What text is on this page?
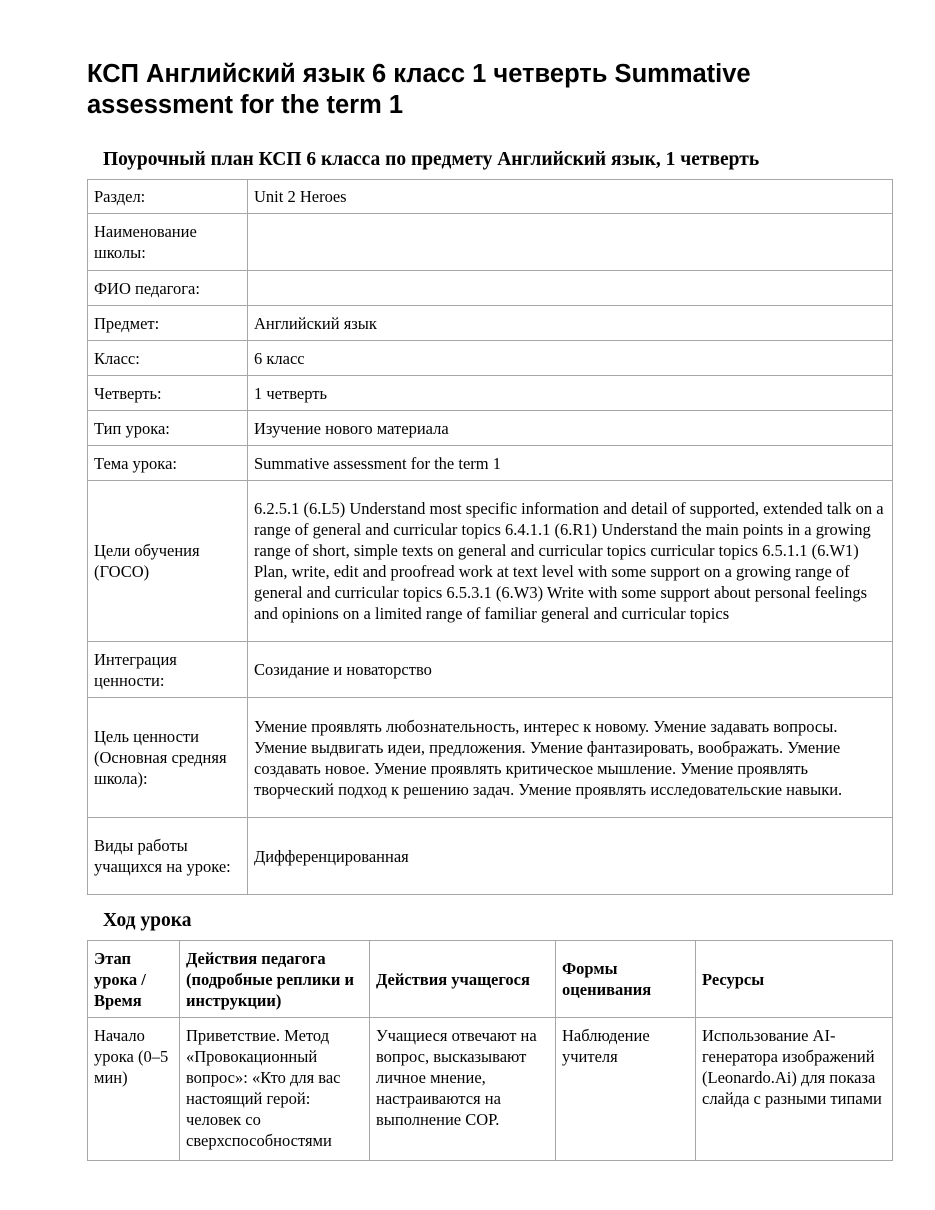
КСП Английский язык 6 класс 1 четверть Summative assessment for the term 1
Поурочный план КСП 6 класса по предмету Английский язык, 1 четверть
Раздел:	Unit 2 Heroes
Наименование школы:	
ФИО педагога:	
Предмет:	Английский язык
Класс:	6 класс
Четверть:	1 четверть
Тип урока:	Изучение нового материала
Тема урока:	Summative assessment for the term 1
Цели обучения (ГОСО)	6.2.5.1 (6.L5) Understand most specific information and detail of supported, extended talk on a range of general and curricular topics 6.4.1.1 (6.R1) Understand the main points in a growing range of short, simple texts on general and curricular topics curricular topics 6.5.1.1 (6.W1) Plan, write, edit and proofread work at text level with some support on a growing range of general and curricular topics 6.5.3.1 (6.W3) Write with some support about personal feelings and opinions on a limited range of familiar general and curricular topics
Интеграция ценности:	Созидание и новаторство
Цель ценности (Основная средняя школа):	Умение проявлять любознательность, интерес к новому. Умение задавать вопросы. Умение выдвигать идеи, предложения. Умение фантазировать, воображать. Умение создавать новое. Умение проявлять критическое мышление. Умение проявлять творческий подход к решению задач. Умение проявлять исследовательские навыки.
Виды работы учащихся на уроке:	Дифференцированная
Ход урока
Этап урока / Время	Действия педагога (подробные реплики и инструкции)	Действия учащегося	Формы оценивания	Ресурсы
Начало урока (0–5 мин)	Приветствие. Метод «Провокационный вопрос»: «Кто для вас настоящий герой: человек со сверхспособностями	Учащиеся отвечают на вопрос, высказывают личное мнение, настраиваются на выполнение СОР.	Наблюдение учителя	Использование AI-генератора изображений (Leonardo.Ai) для показа слайда с разными типами
